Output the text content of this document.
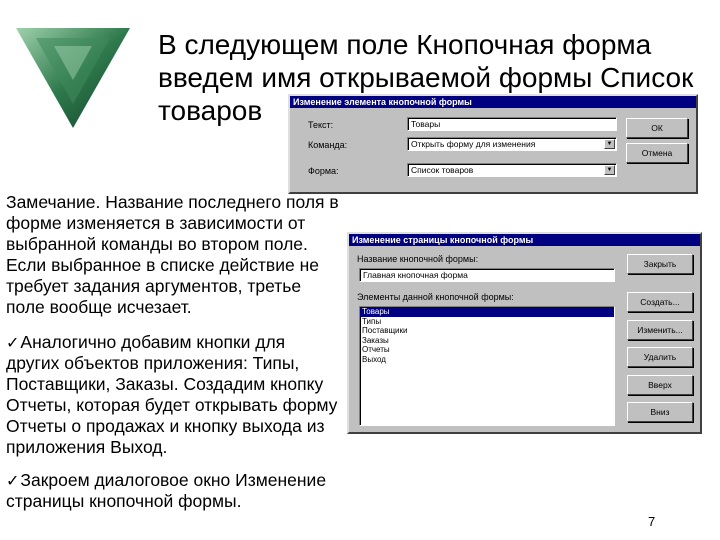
В следующем поле Кнопочная форма
введем имя открываемой формы Список
товаров	Изменение элемента кнопочной формы
Текст:	Товары
Команда:	Открыть форму для изменения	▼
Форма:	Список товаров	▼
ОК
Отмена
Изменение страницы кнопочной формы
Название кнопочной формы:
Главная кнопочная форма
Элементы данной кнопочной формы:
Товары
Типы
Поставщики
Заказы
Отчеты
Выход
Закрыть
Создать...
Изменить...
Удалить
Вверх
Вниз
Замечание. Название последнего поля в
форме изменяется в зависимости от
выбранной команды во втором поле.
Если выбранное в списке действие не
требует задания аргументов, третье
поле вообще исчезает.
✓Аналогично добавим кнопки для
других объектов приложения: Типы,
Поставщики, Заказы. Создадим кнопку
Отчеты, которая будет открывать форму
Отчеты о продажах и кнопку выхода из
приложения Выход.
✓Закроем диалоговое окно Изменение
страницы кнопочной формы.
7
